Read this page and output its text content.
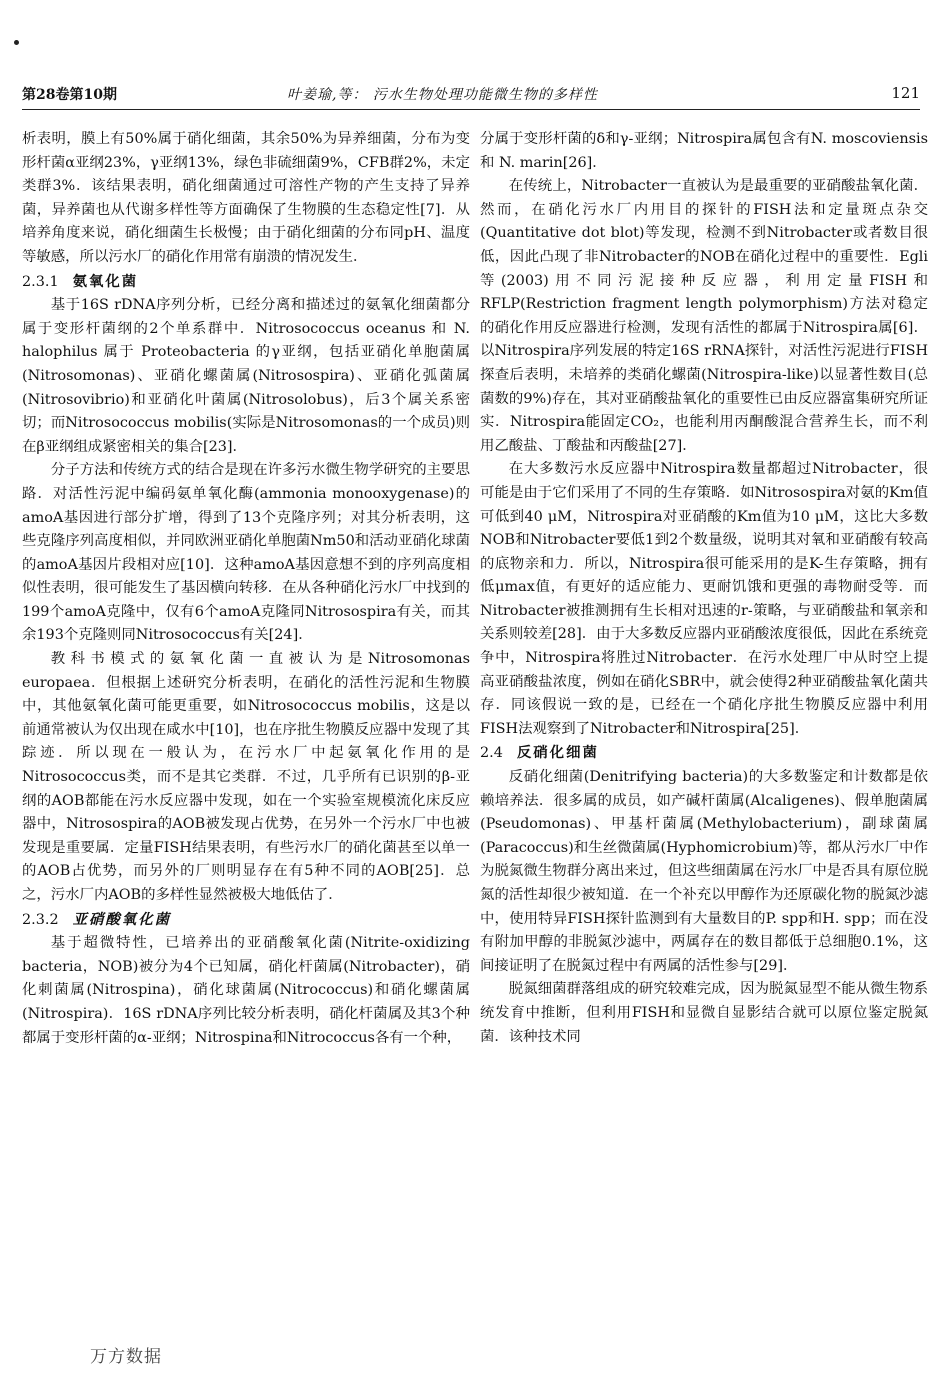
第28卷第10期	叶姜瑜,等： 污水生物处理功能微生物的多样性	121

析表明，膜上有50%属于硝化细菌，其余50%为异养细菌，分布为变形杆菌α亚纲23%，γ亚纲13%，绿色非硫细菌9%，CFB群2%，未定类群3%．该结果表明，硝化细菌通过可溶性产物的产生支持了异养菌，异养菌也从代谢多样性等方面确保了生物膜的生态稳定性[7]．从培养角度来说，硝化细菌生长极慢；由于硝化细菌的分布同pH、温度等敏感，所以污水厂的硝化作用常有崩溃的情况发生．

2.3.1 氨氧化菌

基于16S rDNA序列分析，已经分离和描述过的氨氧化细菌都分属于变形杆菌纲的2个单系群中．Nitrosococcus oceanus 和 N. halophilus 属于 Proteobacteria 的γ亚纲，包括亚硝化单胞菌属(Nitrosomonas)、亚硝化螺菌属(Nitrosospira)、亚硝化弧菌属(Nitrosovibrio)和亚硝化叶菌属(Nitrosolobus)，后3个属关系密切；而Nitrosococcus mobilis(实际是Nitrosomonas的一个成员)则在β亚纲组成紧密相关的集合[23]．

分子方法和传统方式的结合是现在许多污水微生物学研究的主要思路．对活性污泥中编码氨单氧化酶(ammonia monooxygenase)的amoA基因进行部分扩增，得到了13个克隆序列；对其分析表明，这些克隆序列高度相似，并同欧洲亚硝化单胞菌Nm50和活动亚硝化球菌的amoA基因片段相对应[10]．这种amoA基因意想不到的序列高度相似性表明，很可能发生了基因横向转移．在从各种硝化污水厂中找到的199个amoA克隆中，仅有6个amoA克隆同Nitrosospira有关，而其余193个克隆则同Nitrosococcus有关[24]．

教科书模式的氨氧化菌一直被认为是Nitrosomonas europaea．但根据上述研究分析表明，在硝化的活性污泥和生物膜中，其他氨氧化菌可能更重要，如Nitrosococcus mobilis，这是以前通常被认为仅出现在咸水中[10]，也在序批生物膜反应器中发现了其踪迹．所以现在一般认为，在污水厂中起氨氧化作用的是Nitrosococcus类，而不是其它类群．不过，几乎所有已识别的β-亚纲的AOB都能在污水反应器中发现，如在一个实验室规模流化床反应器中，Nitrosospira的AOB被发现占优势，在另外一个污水厂中也被发现是重要属．定量FISH结果表明，有些污水厂的硝化菌甚至以单一的AOB占优势，而另外的厂则明显存在有5种不同的AOB[25]．总之，污水厂内AOB的多样性显然被极大地低估了．

2.3.2 亚硝酸氧化菌

基于超微特性，已培养出的亚硝酸氧化菌(Nitrite-oxidizing bacteria，NOB)被分为4个已知属，硝化杆菌属(Nitrobacter)，硝化刺菌属(Nitrospina)，硝化球菌属(Nitrococcus)和硝化螺菌属(Nitrospira)．16S rDNA序列比较分析表明，硝化杆菌属及其3个种都属于变形杆菌的α-亚纲；Nitrospina和Nitrococcus各有一个种，

分属于变形杆菌的δ和γ-亚纲；Nitrospira属包含有N. moscoviensis 和 N. marin[26]．

在传统上，Nitrobacter一直被认为是最重要的亚硝酸盐氧化菌．然而，在硝化污水厂内用目的探针的FISH法和定量斑点杂交(Quantitative dot blot)等发现，检测不到Nitrobacter或者数目很低，因此凸现了非Nitrobacter的NOB在硝化过程中的重要性．Egli等(2003)用不同污泥接种反应器，利用定量FISH和RFLP(Restriction fragment length polymorphism)方法对稳定的硝化作用反应器进行检测，发现有活性的都属于Nitrospira属[6]．以Nitrospira序列发展的特定16S rRNA探针，对活性污泥进行FISH探查后表明，未培养的类硝化螺菌(Nitrospira-like)以显著性数目(总菌数的9%)存在，其对亚硝酸盐氧化的重要性已由反应器富集研究所证实．Nitrospira能固定CO₂，也能利用丙酮酸混合营养生长，而不利用乙酸盐、丁酸盐和丙酸盐[27]．

在大多数污水反应器中Nitrospira数量都超过Nitrobacter，很可能是由于它们采用了不同的生存策略．如Nitrosospira对氨的Km值可低到40 μM，Nitrospira对亚硝酸的Km值为10 μM，这比大多数NOB和Nitrobacter要低1到2个数量级，说明其对氧和亚硝酸有较高的底物亲和力．所以，Nitrospira很可能采用的是K-生存策略，拥有低μmax值，有更好的适应能力、更耐饥饿和更强的毒物耐受等．而Nitrobacter被推测拥有生长相对迅速的r-策略，与亚硝酸盐和氧亲和关系则较差[28]．由于大多数反应器内亚硝酸浓度很低，因此在系统竞争中，Nitrospira将胜过Nitrobacter．在污水处理厂中从时空上提高亚硝酸盐浓度，例如在硝化SBR中，就会使得2种亚硝酸盐氧化菌共存．同该假说一致的是，已经在一个硝化序批生物膜反应器中利用FISH法观察到了Nitrobacter和Nitrospira[25]．

2.4 反硝化细菌

反硝化细菌(Denitrifying bacteria)的大多数鉴定和计数都是依赖培养法．很多属的成员，如产碱杆菌属(Alcaligenes)、假单胞菌属(Pseudomonas)、甲基杆菌属(Methylobacterium)，副球菌属(Paracoccus)和生丝微菌属(Hyphomicrobium)等，都从污水厂中作为脱氮微生物群分离出来过，但这些细菌属在污水厂中是否具有原位脱氮的活性却很少被知道．在一个补充以甲醇作为还原碳化物的脱氮沙滤中，使用特异FISH探针监测到有大量数目的P. spp和H. spp；而在没有附加甲醇的非脱氮沙滤中，两属存在的数目都低于总细胞0.1%，这间接证明了在脱氮过程中有两属的活性参与[29]．

脱氮细菌群落组成的研究较难完成，因为脱氮显型不能从微生物系统发育中推断，但利用FISH和显微自显影结合就可以原位鉴定脱氮菌．该种技术同

万方数据
